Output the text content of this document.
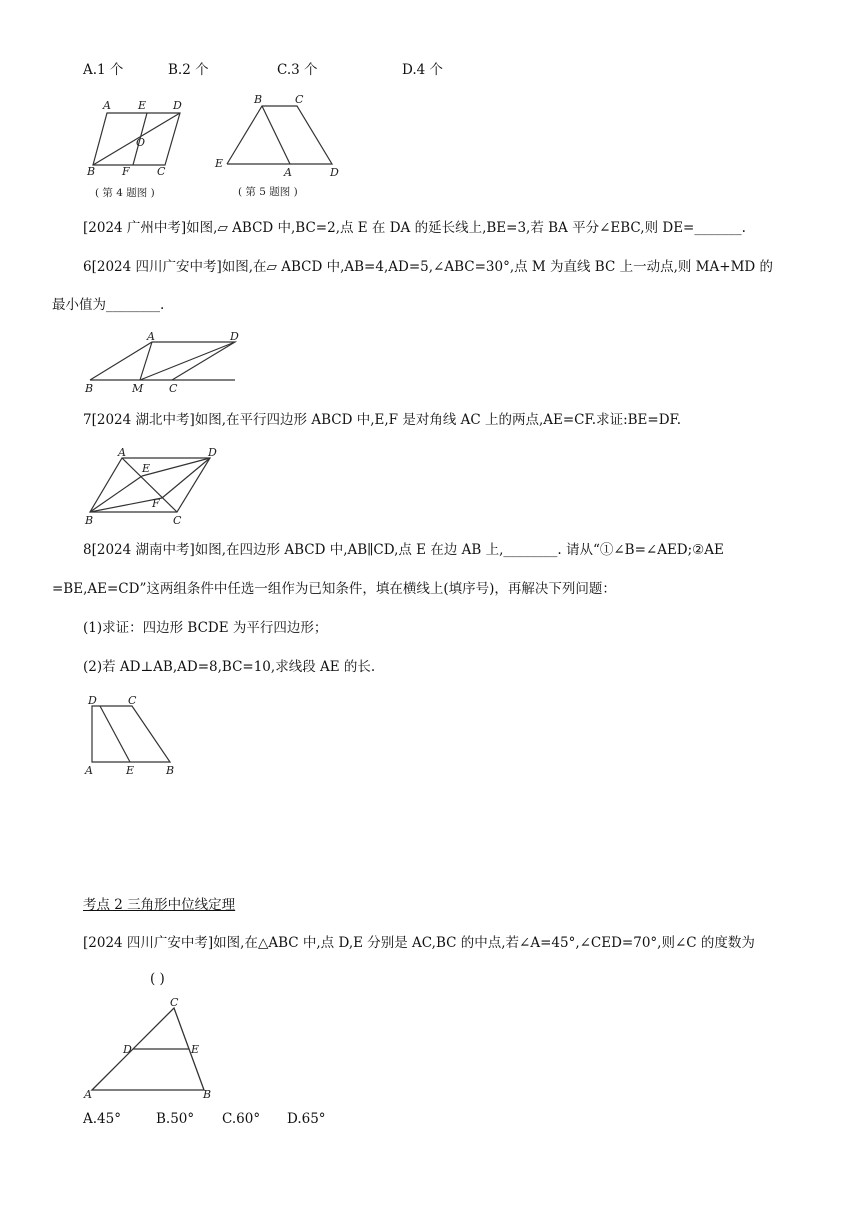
A.1 个	B.2 个	C.3 个	D.4 个
A E D
O
B F C
( 第 4 题图 )
B	C
E
A	D
( 第 5 题图 )
[2024 广州中考]如图,▱ ABCD 中,BC=2,点 E 在 DA 的延长线上,BE=3,若 BA 平分∠EBC,则 DE=_______.
6[2024 四川广安中考]如图,在▱ ABCD 中,AB=4,AD=5,∠ABC=30°,点 M 为直线 BC 上一动点,则 MA+MD 的
最小值为________.
A	D
B	M C
7[2024 湖北中考]如图,在平行四边形 ABCD 中,E,F 是对角线 AC 上的两点,AE=CF.求证:BE=DF.
A
E
D
F
B	C
8[2024 湖南中考]如图,在四边形 ABCD 中,AB∥CD,点 E 在边 AB 上,________. 请从“①∠B=∠AED;②AE
=BE,AE=CD”这两组条件中任选一组作为已知条件，填在横线上(填序号)，再解决下列问题：
(1)求证：四边形 BCDE 为平行四边形；
(2)若 AD⊥AB,AD=8,BC=10,求线段 AE 的长.
D	C
A	E	B
考点 2 三角形中位线定理
[2024 四川广安中考]如图,在△ABC 中,点 D,E 分别是 AC,BC 的中点,若∠A=45°,∠CED=70°,则∠C 的度数为
( )
C
D	E
A	B
A.45°	B.50° C.60° D.65°
